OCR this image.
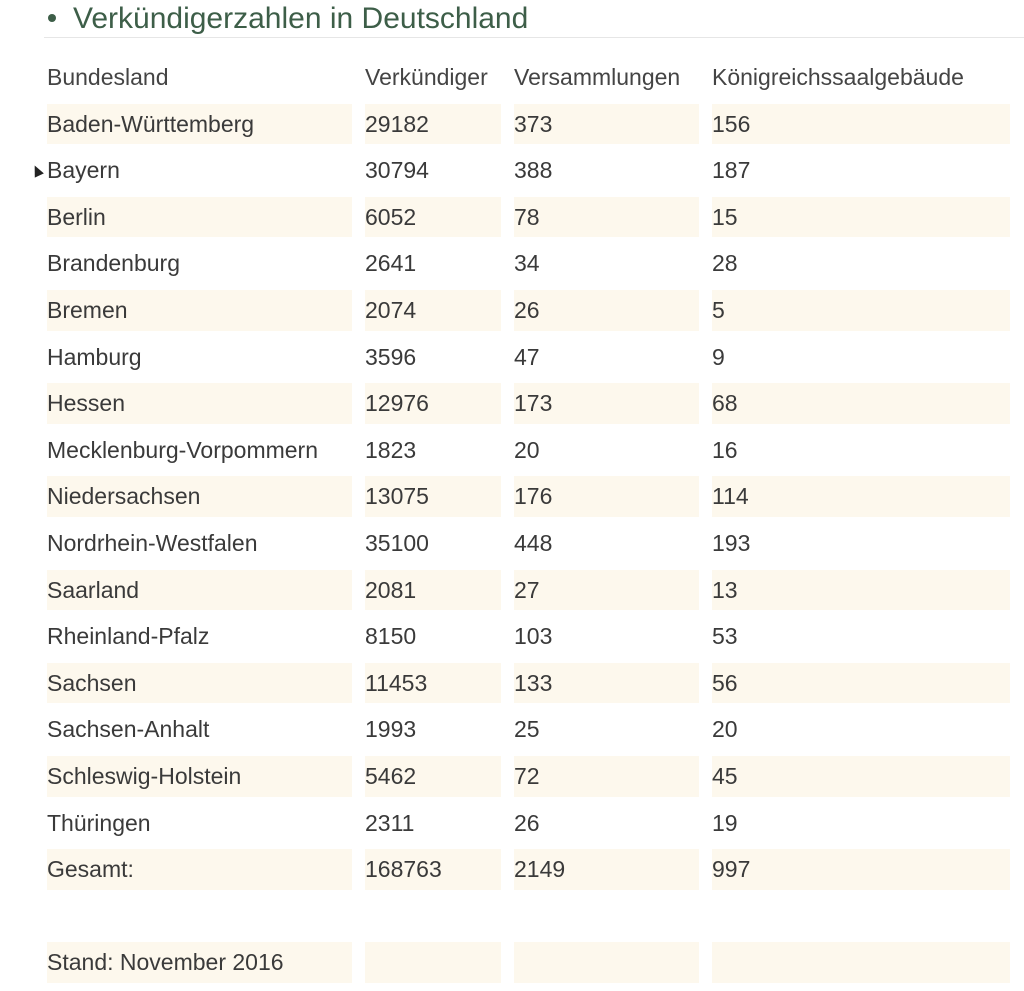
Verkündigerzahlen in Deutschland
Bundesland	Verkündiger	Versammlungen	Königreichssaalgebäude
Baden-Württemberg	29182	373	156
Bayern	30794	388	187
Berlin	6052	78	15
Brandenburg	2641	34	28
Bremen	2074	26	5
Hamburg	3596	47	9
Hessen	12976	173	68
Mecklenburg-Vorpommern	1823	20	16
Niedersachsen	13075	176	114
Nordrhein-Westfalen	35100	448	193
Saarland	2081	27	13
Rheinland-Pfalz	8150	103	53
Sachsen	11453	133	56
Sachsen-Anhalt	1993	25	20
Schleswig-Holstein	5462	72	45
Thüringen	2311	26	19
Gesamt:	168763	2149	997
Stand: November 2016
